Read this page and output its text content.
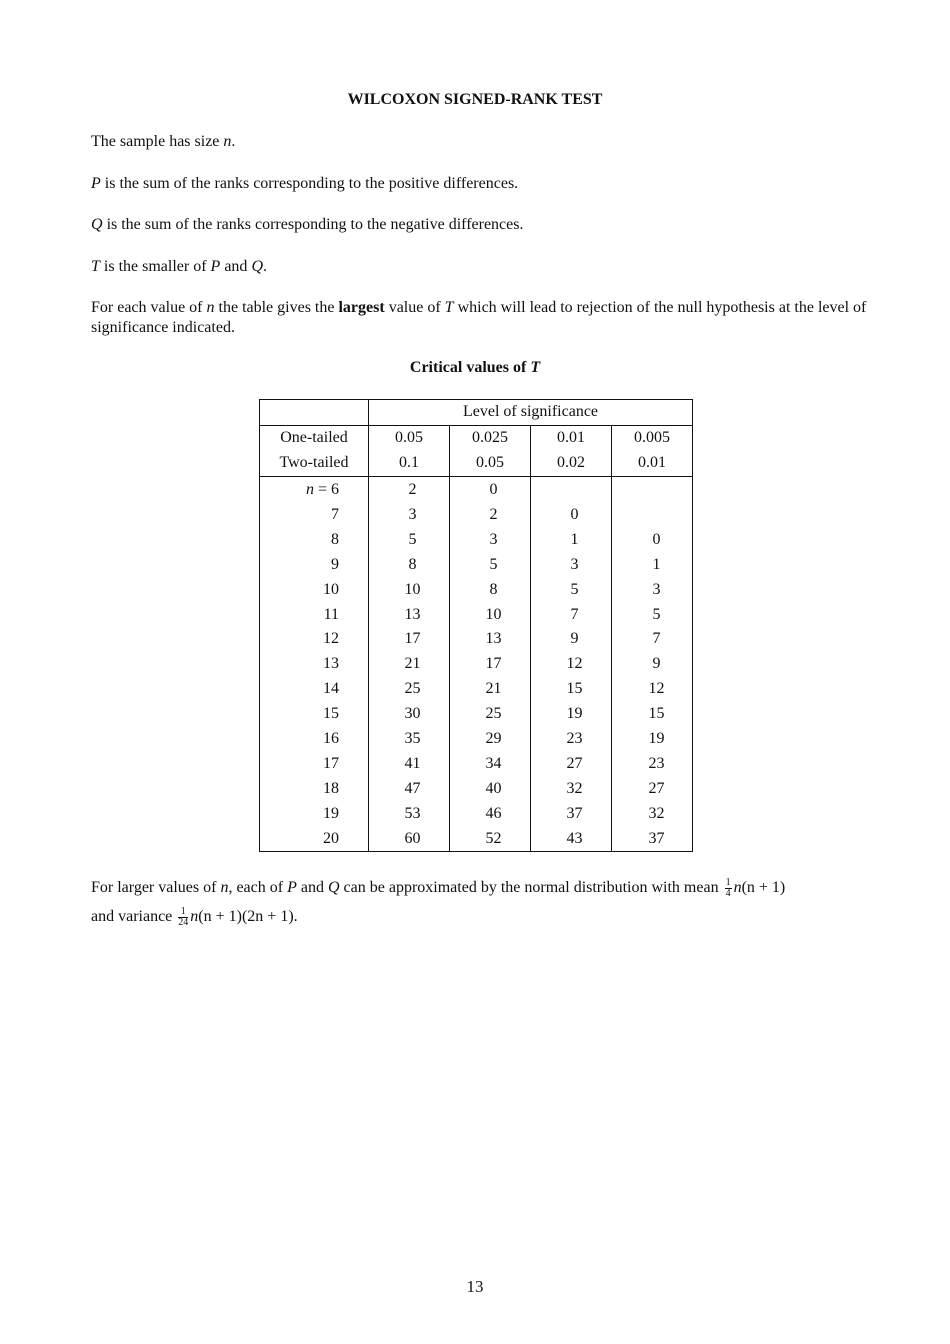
WILCOXON SIGNED-RANK TEST

The sample has size n.

P is the sum of the ranks corresponding to the positive differences.

Q is the sum of the ranks corresponding to the negative differences.

T is the smaller of P and Q.

For each value of n the table gives the largest value of T which will lead to rejection of the null hypothesis at the level of significance indicated.

Critical values of T
	Level of significance			
One-tailed	0.05	0.025	0.01	0.005
Two-tailed	0.1	0.05	0.02	0.01
n = 6	2	0		
7	3	2	0	
8	5	3	1	0
9	8	5	3	1
10	10	8	5	3
11	13	10	7	5
12	17	13	9	7
13	21	17	12	9
14	25	21	15	12
15	30	25	19	15
16	35	29	23	19
17	41	34	27	23
18	47	40	32	27
19	53	46	37	32
20	60	52	43	37
For larger values of n, each of P and Q can be approximated by the normal distribution with mean $\frac{1}{4} n(n + 1)$
and variance $\frac{1}{24} n(n + 1)(2n + 1)$.
13
